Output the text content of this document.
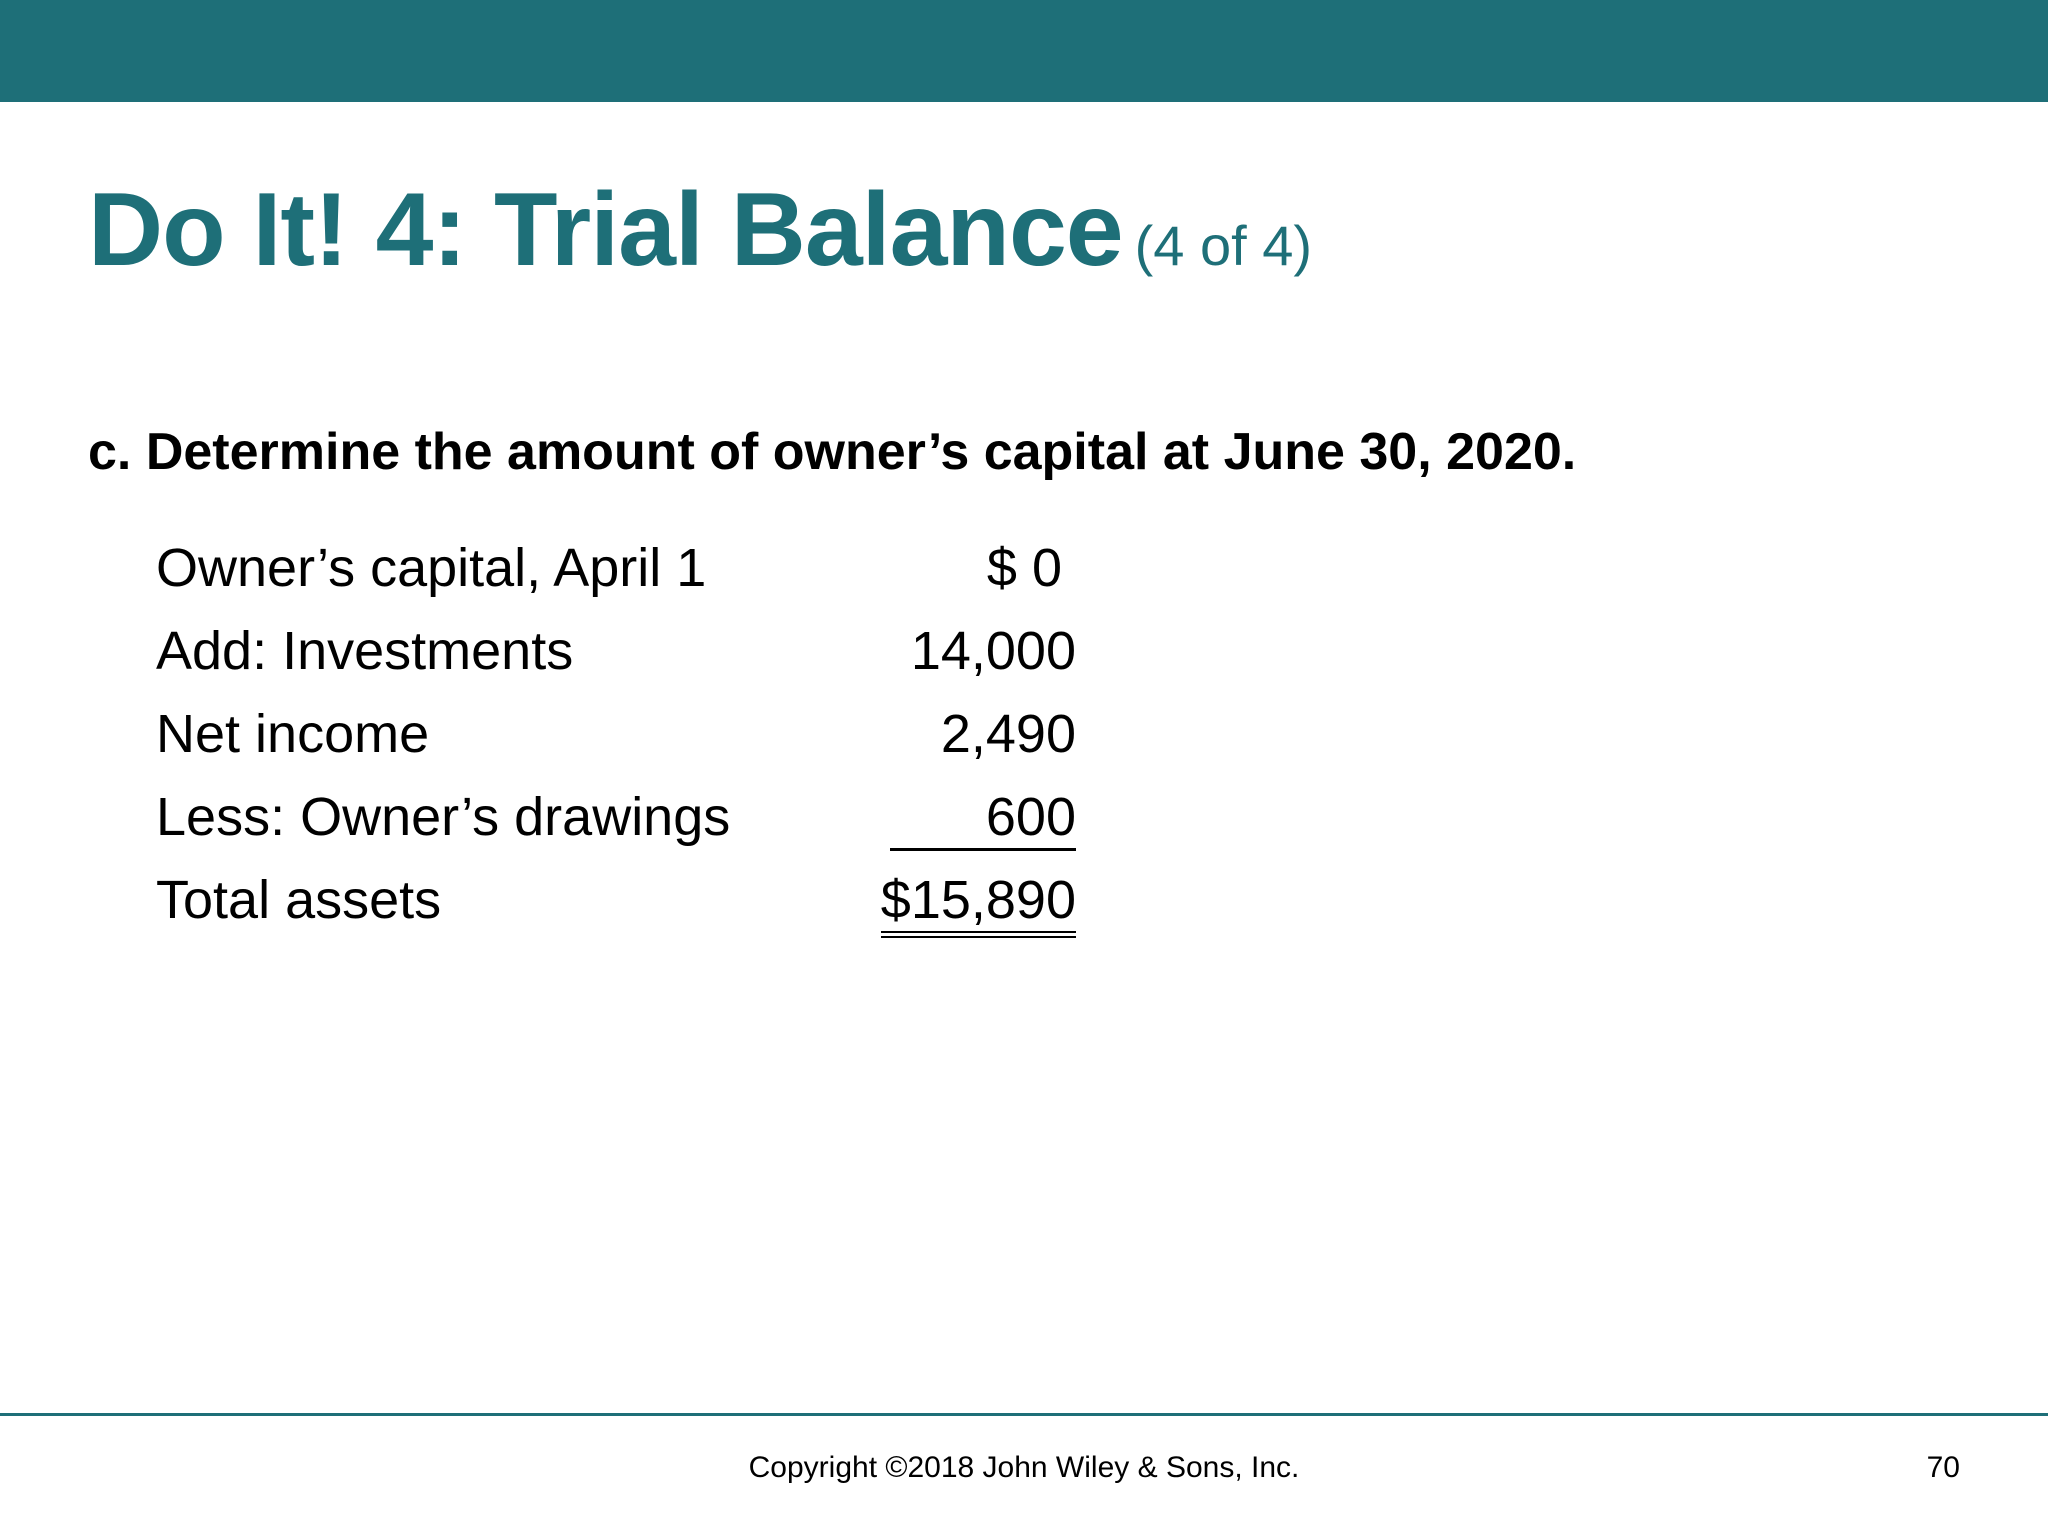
Do It! 4: Trial Balance (4 of 4)
c. Determine the amount of owner’s capital at June 30, 2020.
Owner’s capital, April 1	$ 0
Add: Investments	14,000
Net income	2,490
Less: Owner’s drawings	600
Total assets	$15,890
Copyright ©2018 John Wiley & Sons, Inc.	70
